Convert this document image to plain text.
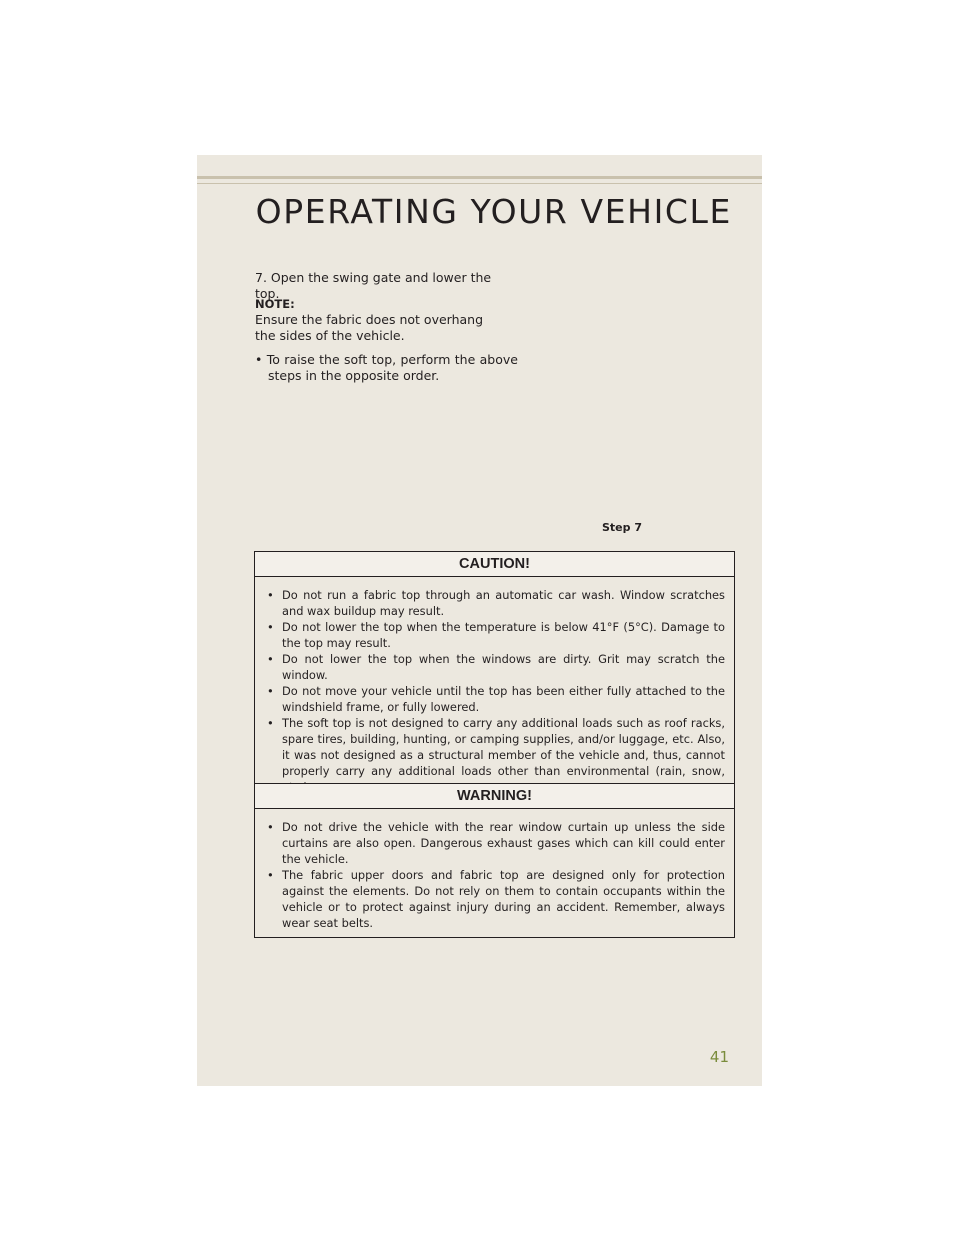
OPERATING YOUR VEHICLE
7. Open the swing gate and lower the top.
NOTE:
Ensure the fabric does not overhang the sides of the vehicle.
• To raise the soft top, perform the above steps in the opposite order.
Step 7
CAUTION!
• Do not run a fabric top through an automatic car wash. Window scratches and wax buildup may result.
• Do not lower the top when the temperature is below 41°F (5°C). Damage to the top may result.
• Do not lower the top when the windows are dirty. Grit may scratch the window.
• Do not move your vehicle until the top has been either fully attached to the windshield frame, or fully lowered.
• The soft top is not designed to carry any additional loads such as roof racks, spare tires, building, hunting, or camping supplies, and/or luggage, etc. Also, it was not designed as a structural member of the vehicle and, thus, cannot properly carry any additional loads other than environmental (rain, snow,
WARNING!
• Do not drive the vehicle with the rear window curtain up unless the side curtains are also open. Dangerous exhaust gases which can kill could enter the vehicle.
• The fabric upper doors and fabric top are designed only for protection against the elements. Do not rely on them to contain occupants within the vehicle or to protect against injury during an accident. Remember, always wear seat belts.
41
